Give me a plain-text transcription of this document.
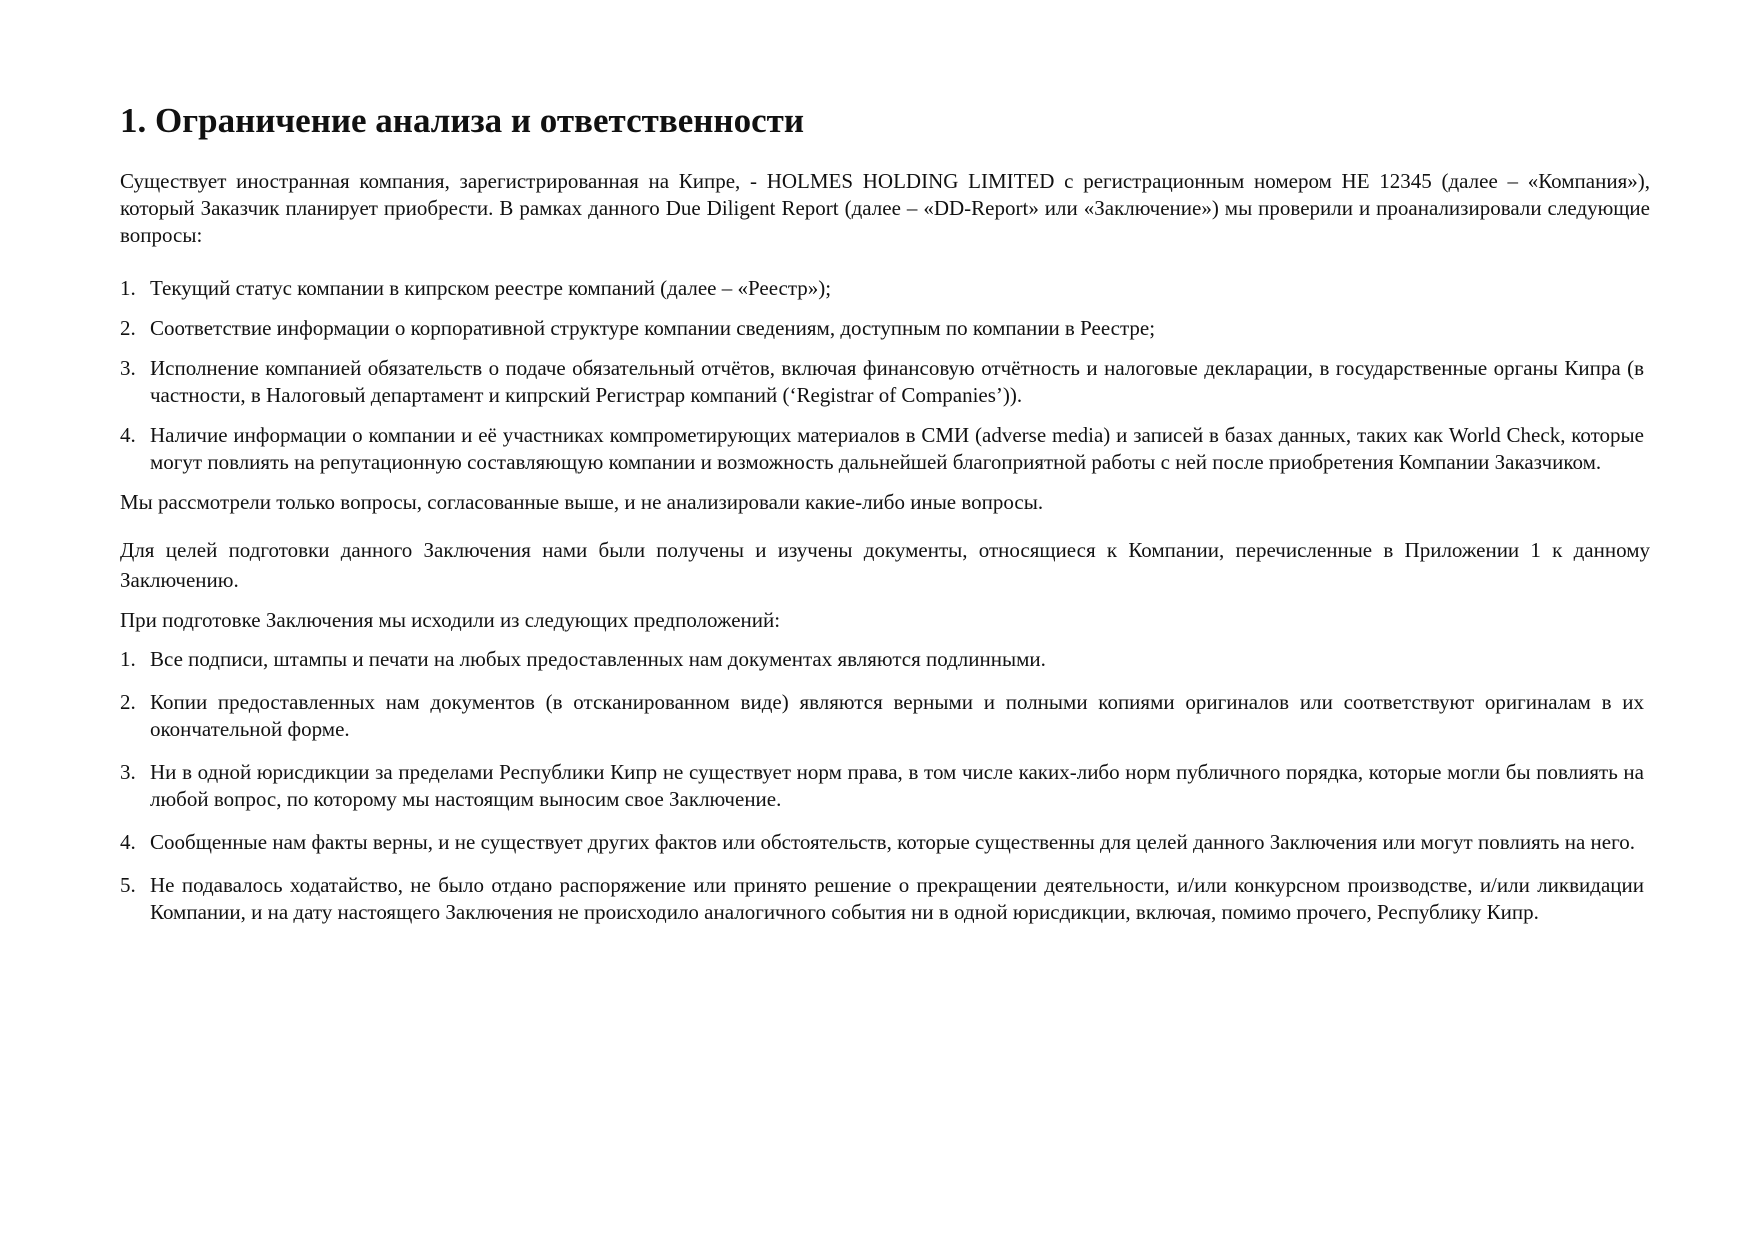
1. Ограничение анализа и ответственности

Существует иностранная компания, зарегистрированная на Кипре, - HOLMES HOLDING LIMITED с регистрационным номером HE 12345 (далее – «Компания»), который Заказчик планирует приобрести. В рамках данного Due Diligent Report (далее – «DD-Report» или «Заключение») мы проверили и проанализировали следующие вопросы:

1. Текущий статус компании в кипрском реестре компаний (далее – «Реестр»);
2. Соответствие информации о корпоративной структуре компании сведениям, доступным по компании в Реестре;
3. Исполнение компанией обязательств о подаче обязательный отчётов, включая финансовую отчётность и налоговые декларации, в государственные органы Кипра (в частности, в Налоговый департамент и кипрский Регистрар компаний (‘Registrar of Companies’)).
4. Наличие информации о компании и её участниках компрометирующих материалов в СМИ (adverse media) и записей в базах данных, таких как World Check, которые могут повлиять на репутационную составляющую компании и возможность дальнейшей благоприятной работы с ней после приобретения Компании Заказчиком.

Мы рассмотрели только вопросы, согласованные выше, и не анализировали какие-либо иные вопросы.

Для целей подготовки данного Заключения нами были получены и изучены документы, относящиеся к Компании, перечисленные в Приложении 1 к данному Заключению.

При подготовке Заключения мы исходили из следующих предположений:

1. Все подписи, штампы и печати на любых предоставленных нам документах являются подлинными.
2. Копии предоставленных нам документов (в отсканированном виде) являются верными и полными копиями оригиналов или соответствуют оригиналам в их окончательной форме.
3. Ни в одной юрисдикции за пределами Республики Кипр не существует норм права, в том числе каких-либо норм публичного порядка, которые могли бы повлиять на любой вопрос, по которому мы настоящим выносим свое Заключение.
4. Сообщенные нам факты верны, и не существует других фактов или обстоятельств, которые существенны для целей данного Заключения или могут повлиять на него.
5. Не подавалось ходатайство, не было отдано распоряжение или принято решение о прекращении деятельности, и/или конкурсном производстве, и/или ликвидации Компании, и на дату настоящего Заключения не происходило аналогичного события ни в одной юрисдикции, включая, помимо прочего, Республику Кипр.
